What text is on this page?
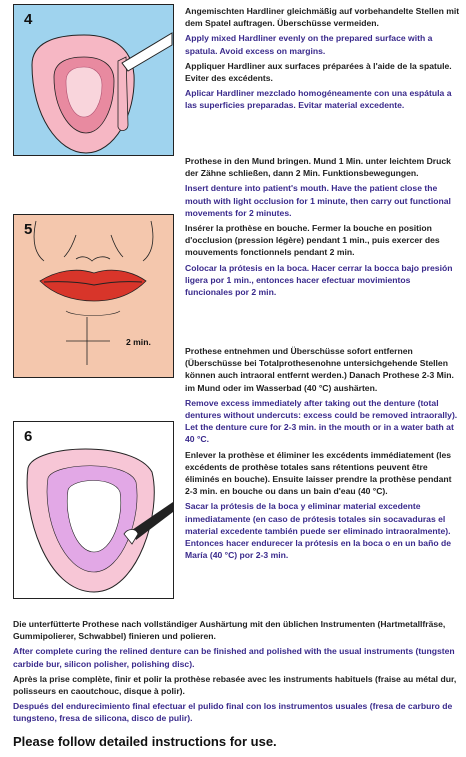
4
5
2 min.
6

Angemischten Hardliner gleichmäßig auf vorbehandelte Stellen mit dem Spatel auftragen. Überschüsse vermeiden.

Apply mixed Hardliner evenly on the prepared surface with a spatula. Avoid excess on margins.

Appliquer Hardliner aux surfaces préparées à l'aide de la spatule. Eviter des excédents.

Aplicar Hardliner mezclado homogéneamente con una espátula a las superficies preparadas. Evitar material excedente.

Prothese in den Mund bringen. Mund 1 Min. unter leichtem Druck der Zähne schließen, dann 2 Min. Funktionsbewegungen.

Insert denture into patient's mouth. Have the patient close the mouth with light occlusion for 1 minute, then carry out functional movements for 2 minutes.

Insérer la prothèse en bouche. Fermer la bouche en position d'occlusion (pression légère) pendant 1 min., puis exercer des mouvements fonctionnels pendant 2 min.

Colocar la prótesis en la boca. Hacer cerrar la bocca bajo presión ligera por 1 min., entonces hacer efectuar movimientos funcionales por 2 min.

Prothese entnehmen und Überschüsse sofort entfernen (Überschüsse bei Totalprothesenohne untersichgehende Stellen können auch intraoral entfernt werden.) Danach Prothese 2-3 Min. im Mund oder im Wasserbad (40 °C) aushärten.

Remove excess immediately after taking out the denture (total dentures without undercuts: excess could be removed intraorally). Let the denture cure for 2-3 min. in the mouth or in a water bath at 40 °C.

Enlever la prothèse et éliminer les excédents immédiatement (les excédents de prothèse totales sans rétentions peuvent être éliminés en bouche). Ensuite laisser prendre la prothèse pendant 2-3 min. en bouche ou dans un bain d'eau (40 °C).

Sacar la prótesis de la boca y eliminar material excedente inmediatamente (en caso de prótesis totales sin socavaduras el material excedente también puede ser eliminado intraoralmente). Entonces hacer endurecer la prótesis en la boca o en un baño de María (40 °C) por 2-3 min.

Die unterfütterte Prothese nach vollständiger Aushärtung mit den üblichen Instrumenten (Hartmetallfräse, Gummipolierer, Schwabbel) finieren und polieren.

After complete curing the relined denture can be finished and polished with the usual instruments (tungsten carbide bur, silicon polisher, polishing disc).

Après la prise complète, finir et polir la prothèse rebasée avec les instruments habituels (fraise au métal dur, polisseurs en caoutchouc, disque à polir).

Después del endurecimiento final efectuar el pulido final con los instrumentos usuales (fresa de carburo de tungsteno, fresa de silicona, disco de pulir).

Please follow detailed instructions for use.
